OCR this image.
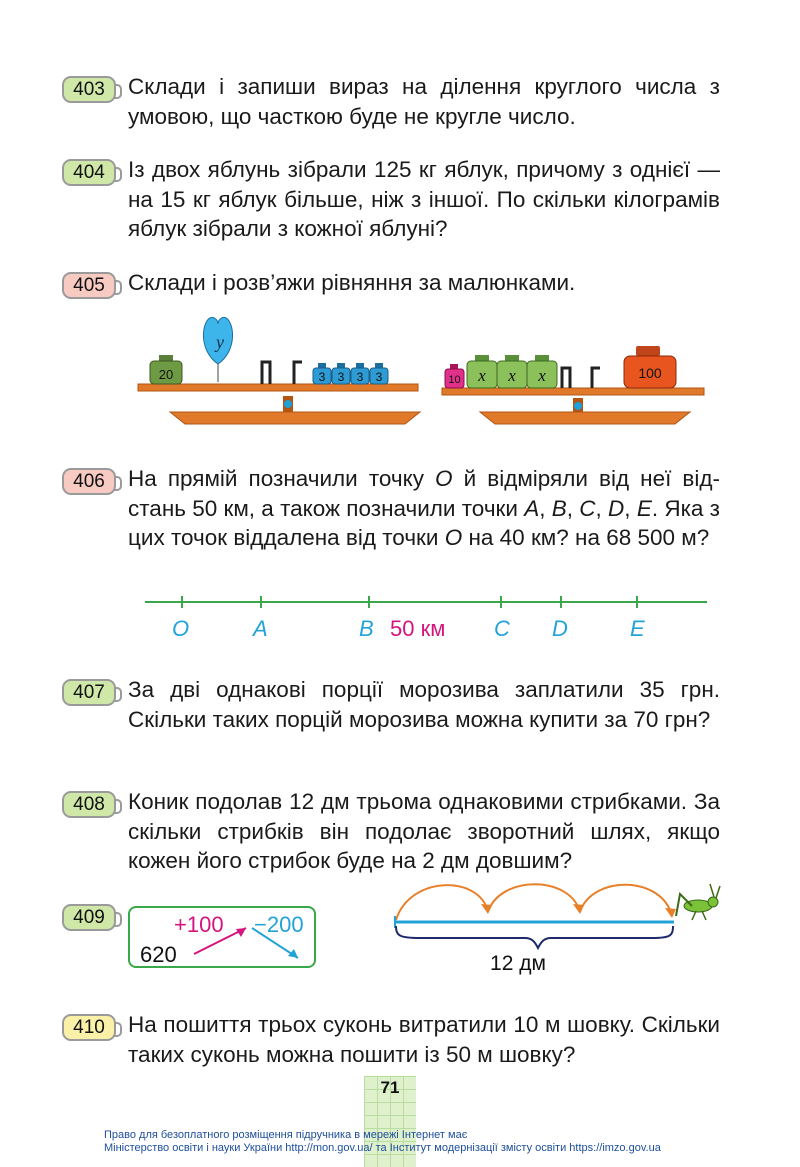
403	Склади і запиши вираз на ділення круглого числа з умовою, що часткою буде не кругле число.
404	Із двох яблунь зібрали 125 кг яблук, причому з однієї — на 15 кг яблук більше, ніж з іншої. По скільки кілограмів яблук зібрали з кожної яблуні?
405	Склади і розв’яжи рівняння за малюнками.
20
y
3 3 3 3	10 x x x	100
406	На прямій позначили точку O й відміряли від неї відстань 50 км, а також позначили точки A, B, C, D, E. Яка з цих точок віддалена від точки O на 40 км? на 68 500 м?
O	A	B 50 км C D	E
407	За дві однакові порції морозива заплатили 35 грн. Скільки таких порцій морозива можна купити за 70 грн?
408	Коник подолав 12 дм трьома однаковими стрибками. За скільки стрибків він подолає зворотний шлях, якщо кожен його стрибок буде на 2 дм довшим?
409
620
+100 −200
12 дм
410	На пошиття трьох суконь витратили 10 м шовку. Скільки таких суконь можна пошити із 50 м шовку?
71
Право для безоплатного розміщення підручника в мережі Інтернет має
Міністерство освіти і науки України http://mon.gov.ua/ та Інститут модернізації змісту освіти https://imzo.gov.ua
